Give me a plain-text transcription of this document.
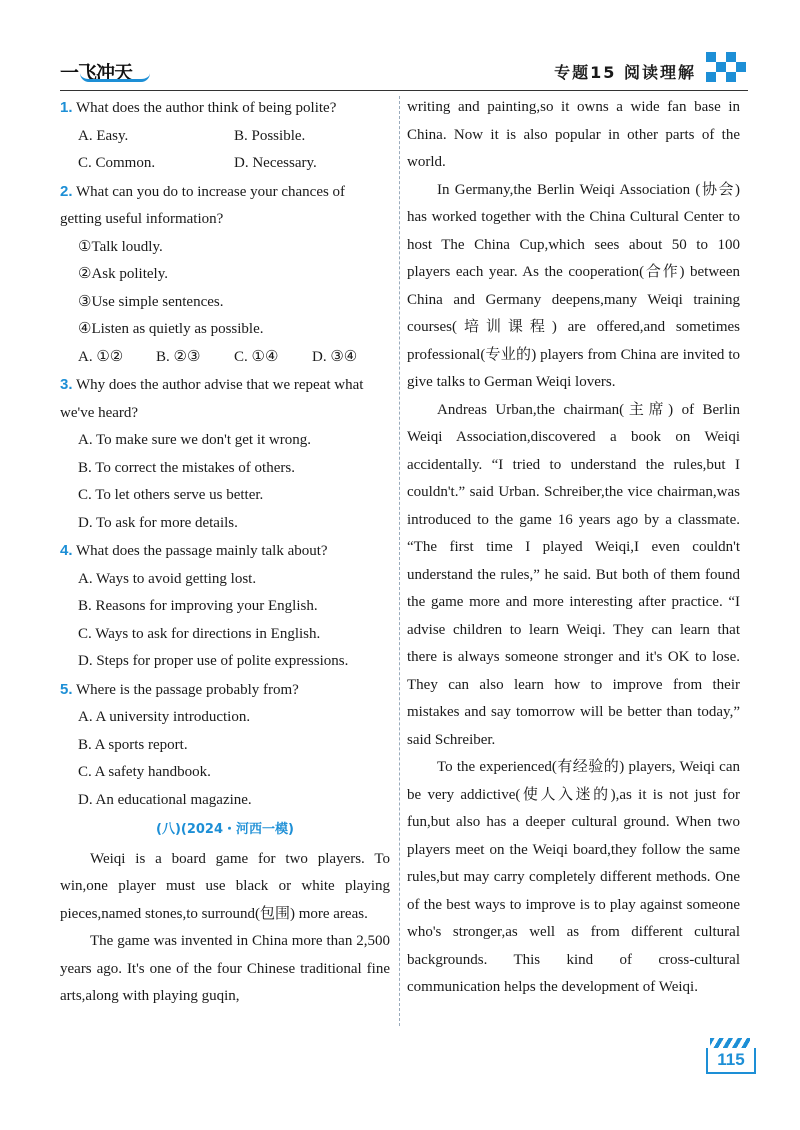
一飞冲天	专题15 阅读理解
1. What does the author think of being polite?
A. Easy.	B. Possible.
C. Common.	D. Necessary.
2. What can you do to increase your chances of getting useful information?
①Talk loudly.
②Ask politely.
③Use simple sentences.
④Listen as quietly as possible.
A. ①②	B. ②③	C. ①④	D. ③④
3. Why does the author advise that we repeat what we've heard?
A. To make sure we don't get it wrong.
B. To correct the mistakes of others.
C. To let others serve us better.
D. To ask for more details.
4. What does the passage mainly talk about?
A. Ways to avoid getting lost.
B. Reasons for improving your English.
C. Ways to ask for directions in English.
D. Steps for proper use of polite expressions.
5. Where is the passage probably from?
A. A university introduction.
B. A sports report.
C. A safety handbook.
D. An educational magazine.
(八)(2024・河西一模)

Weiqi is a board game for two players. To win,one player must use black or white playing pieces,named stones,to surround(包围) more areas.

The game was invented in China more than 2,500 years ago. It's one of the four Chinese traditional fine arts,along with playing guqin,

writing and painting,so it owns a wide fan base in China. Now it is also popular in other parts of the world.

In Germany,the Berlin Weiqi Association (协会) has worked together with the China Cultural Center to host The China Cup,which sees about 50 to 100 players each year. As the cooperation(合作) between China and Germany deepens,many Weiqi training courses(培训课程) are offered,and sometimes professional(专业的) players from China are invited to give talks to German Weiqi lovers.

Andreas Urban,the chairman(主席) of Berlin Weiqi Association,discovered a book on Weiqi accidentally. “I tried to understand the rules,but I couldn't.” said Urban. Schreiber,the vice chairman,was introduced to the game 16 years ago by a classmate. “The first time I played Weiqi,I even couldn't understand the rules,” he said. But both of them found the game more and more interesting after practice. “I advise children to learn Weiqi. They can learn that there is always someone stronger and it's OK to lose. They can also learn how to improve from their mistakes and say tomorrow will be better than today,” said Schreiber.

To the experienced(有经验的) players, Weiqi can be very addictive(使人入迷的),as it is not just for fun,but also has a deeper cultural ground. When two players meet on the Weiqi board,they follow the same rules,but may carry completely different methods. One of the best ways to improve is to play against someone who's stronger,as well as from different cultural backgrounds. This kind of cross-cultural communication helps the development of Weiqi.

115
